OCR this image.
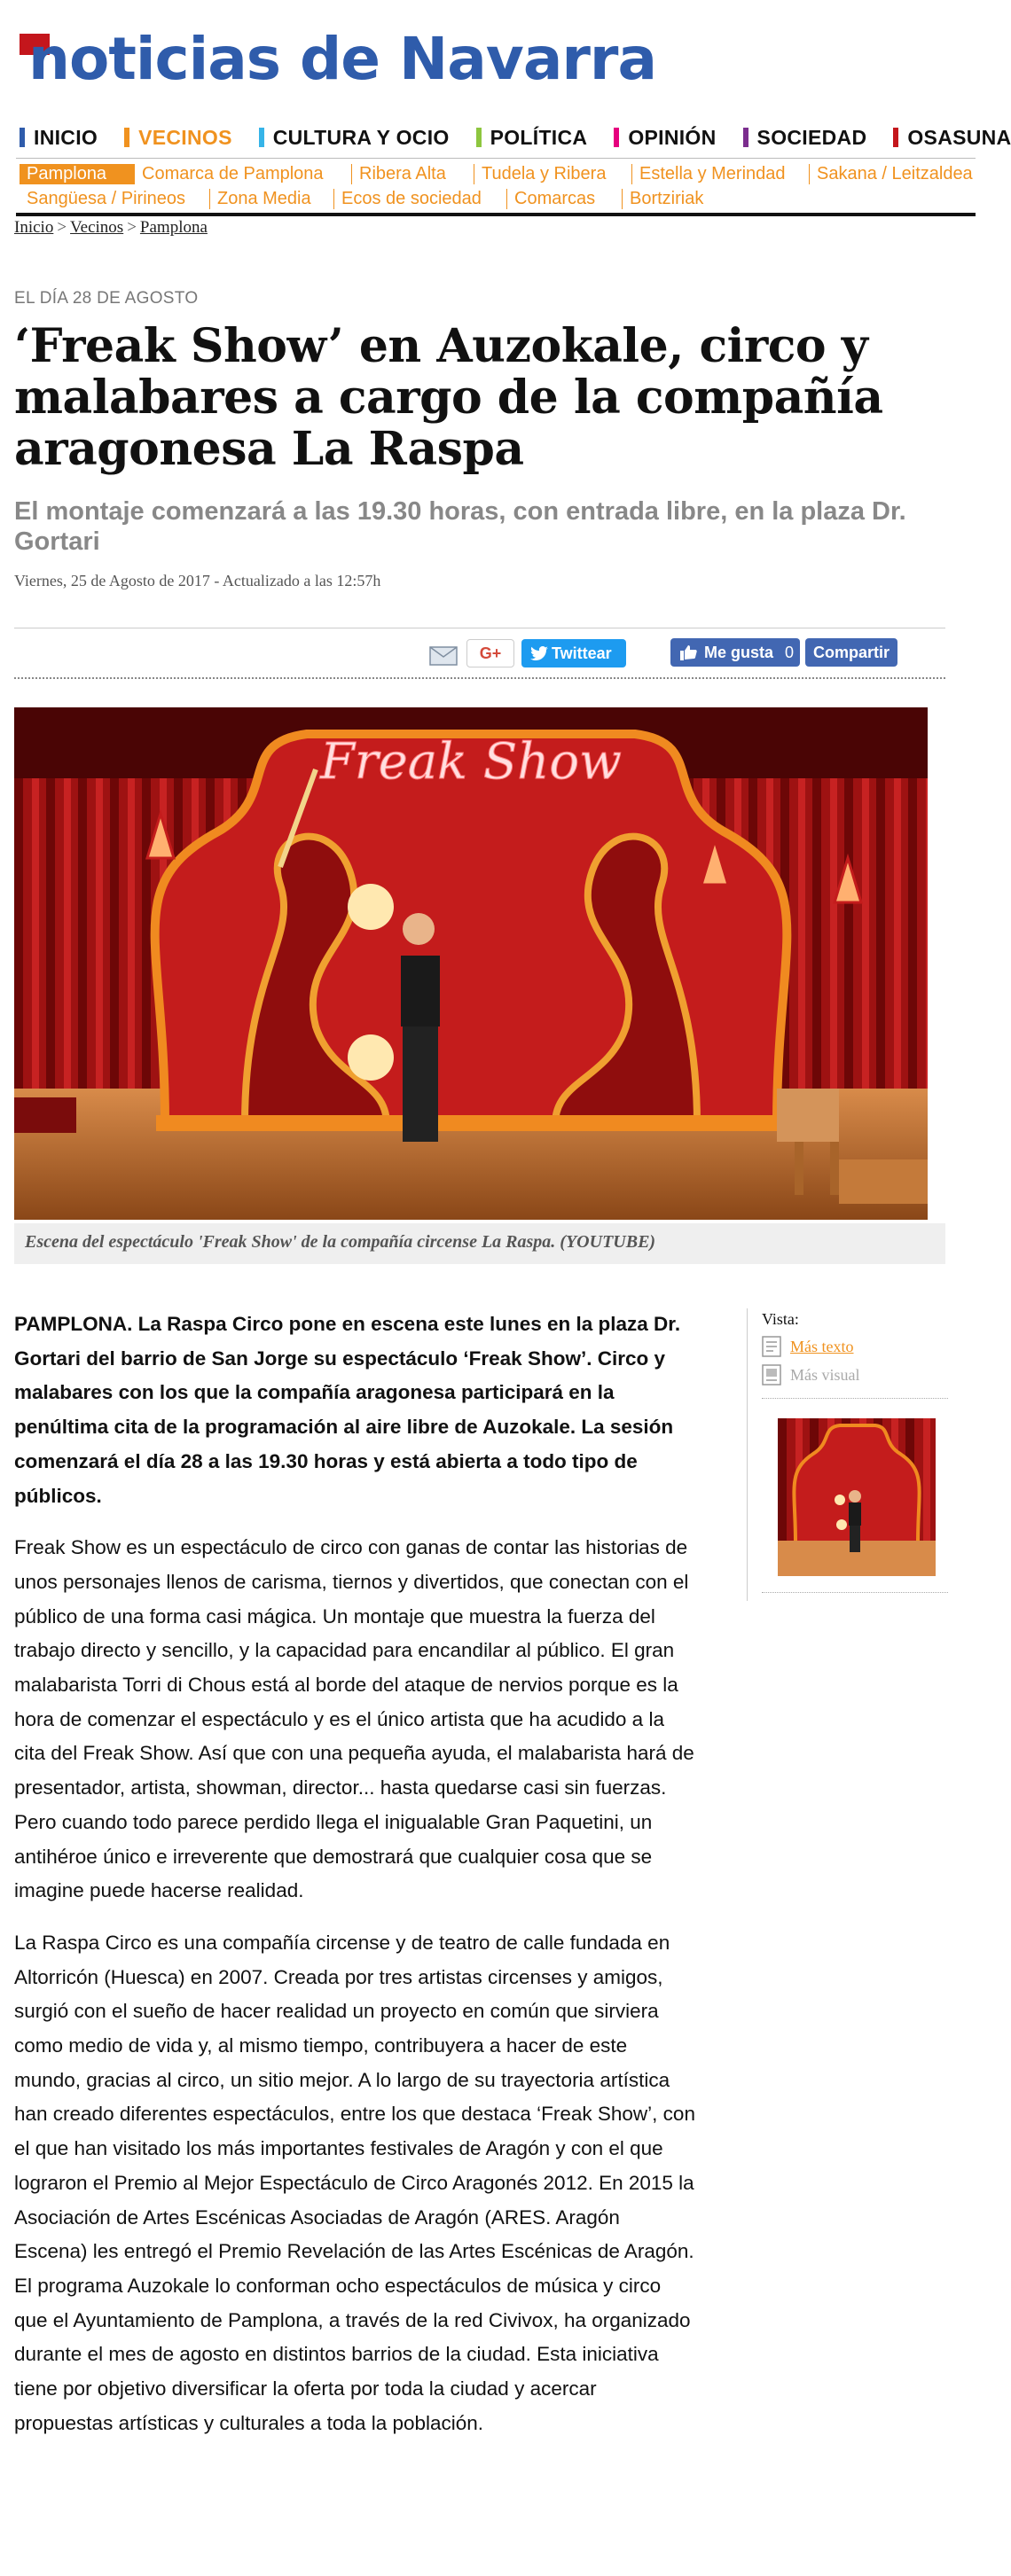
noticias de Navarra
INICIO VECINOS CULTURA Y OCIO POLÍTICA OPINIÓN SOCIEDAD OSASUNA
Pamplona	Comarca de Pamplona	Ribera Alta	Tudela y Ribera	Estella y Merindad	Sakana / Leitzaldea
Sangüesa / Pirineos	Zona Media	Ecos de sociedad	Comarcas	Bortziriak
Inicio > Vecinos > Pamplona
EL DÍA 28 DE AGOSTO
‘Freak Show’ en Auzokale, circo y malabares a cargo de la compañía aragonesa La Raspa
El montaje comenzará a las 19.30 horas, con entrada libre, en la plaza Dr. Gortari
Viernes, 25 de Agosto de 2017 - Actualizado a las 12:57h
G+	Twittear	Me gusta 0	Compartir
Freak Show
Escena del espectáculo 'Freak Show' de la compañía circense La Raspa. (YOUTUBE)

PAMPLONA. La Raspa Circo pone en escena este lunes en la plaza Dr. Gortari del barrio de San Jorge su espectáculo ‘Freak Show’. Circo y malabares con los que la compañía aragonesa participará en la penúltima cita de la programación al aire libre de Auzokale. La sesión comenzará el día 28 a las 19.30 horas y está abierta a todo tipo de públicos.

Freak Show es un espectáculo de circo con ganas de contar las historias de unos personajes llenos de carisma, tiernos y divertidos, que conectan con el público de una forma casi mágica. Un montaje que muestra la fuerza del trabajo directo y sencillo, y la capacidad para encandilar al público. El gran malabarista Torri di Chous está al borde del ataque de nervios porque es la hora de comenzar el espectáculo y es el único artista que ha acudido a la cita del Freak Show. Así que con una pequeña ayuda, el malabarista hará de presentador, artista, showman, director... hasta quedarse casi sin fuerzas. Pero cuando todo parece perdido llega el inigualable Gran Paquetini, un antihéroe único e irreverente que demostrará que cualquier cosa que se imagine puede hacerse realidad.

La Raspa Circo es una compañía circense y de teatro de calle fundada en Altorricón (Huesca) en 2007. Creada por tres artistas circenses y amigos, surgió con el sueño de hacer realidad un proyecto en común que sirviera como medio de vida y, al mismo tiempo, contribuyera a hacer de este mundo, gracias al circo, un sitio mejor. A lo largo de su trayectoria artística han creado diferentes espectáculos, entre los que destaca ‘Freak Show’, con el que han visitado los más importantes festivales de Aragón y con el que lograron el Premio al Mejor Espectáculo de Circo Aragonés 2012. En 2015 la Asociación de Artes Escénicas Asociadas de Aragón (ARES. Aragón Escena) les entregó el Premio Revelación de las Artes Escénicas de Aragón. El programa Auzokale lo conforman ocho espectáculos de música y circo que el Ayuntamiento de Pamplona, a través de la red Civivox, ha organizado durante el mes de agosto en distintos barrios de la ciudad. Esta iniciativa tiene por objetivo diversificar la oferta por toda la ciudad y acercar propuestas artísticas y culturales a toda la población.

Vista:
Más texto
Más visual
